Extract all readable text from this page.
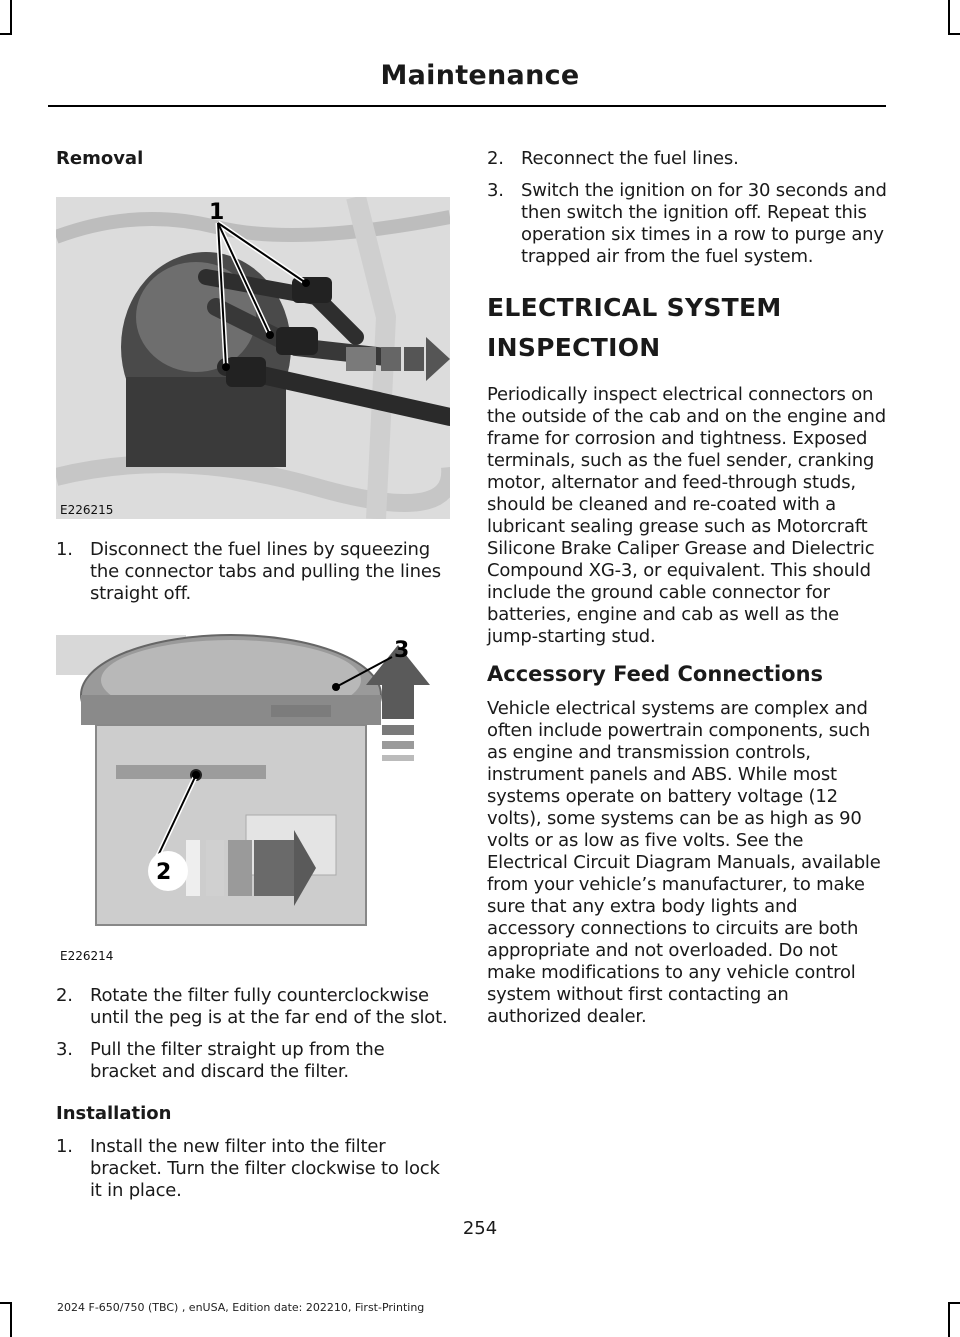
Maintenance
Removal
1
E226215
1. Disconnect the fuel lines by squeezing the connector tabs and pulling the lines straight off.
3
2
E226214
2. Rotate the filter fully counterclockwise until the peg is at the far end of the slot.
3. Pull the filter straight up from the bracket and discard the filter.
Installation
1. Install the new filter into the filter bracket. Turn the filter clockwise to lock it in place.
2. Reconnect the fuel lines.
3. Switch the ignition on for 30 seconds and then switch the ignition off. Repeat this operation six times in a row to purge any trapped air from the fuel system.
ELECTRICAL SYSTEM
INSPECTION

Periodically inspect electrical connectors on the outside of the cab and on the engine and frame for corrosion and tightness. Exposed terminals, such as the fuel sender, cranking motor, alternator and feed-through studs, should be cleaned and re-coated with a lubricant sealing grease such as Motorcraft Silicone Brake Caliper Grease and Dielectric Compound XG-3, or equivalent. This should include the ground cable connector for batteries, engine and cab as well as the jump-starting stud.

Accessory Feed Connections

Vehicle electrical systems are complex and often include powertrain components, such as engine and transmission controls, instrument panels and ABS. While most systems operate on battery voltage (12 volts), some systems can be as high as 90 volts or as low as five volts. See the Electrical Circuit Diagram Manuals, available from your vehicle’s manufacturer, to make sure that any extra body lights and accessory connections to circuits are both appropriate and not overloaded. Do not make modifications to any vehicle control system without first contacting an authorized dealer.

254
2024 F-650/750 (TBC) , enUSA, Edition date: 202210, First-Printing
